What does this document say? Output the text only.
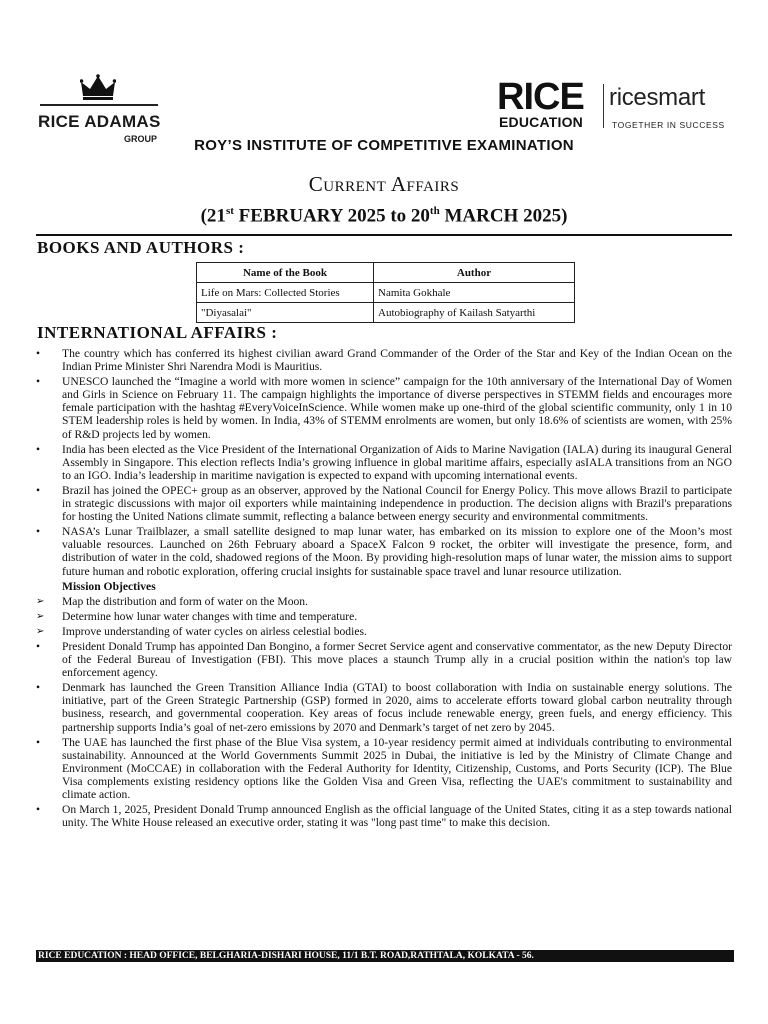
RICE ADAMAS
GROUP
RICE
EDUCATION
ricesmart
TOGETHER IN SUCCESS
ROY’S INSTITUTE OF COMPETITIVE EXAMINATION
Current Affairs
(21st FEBRUARY 2025 to 20th MARCH 2025)
BOOKS AND AUTHORS :
Name of the Book	Author
Life on Mars: Collected Stories	Namita Gokhale
"Diyasalai"	Autobiography of Kailash Satyarthi
INTERNATIONAL AFFAIRS :
• The country which has conferred its highest civilian award Grand Commander of the Order of the Star and Key of the Indian Ocean on the Indian Prime Minister Shri Narendra Modi is Mauritius.
• UNESCO launched the “Imagine a world with more women in science” campaign for the 10th anniversary of the International Day of Women and Girls in Science on February 11. The campaign highlights the importance of diverse perspectives in STEMM fields and encourages more female participation with the hashtag #EveryVoiceInScience. While women make up one-third of the global scientific community, only 1 in 10 STEM leadership roles is held by women. In India, 43% of STEMM enrolments are women, but only 18.6% of scientists are women, with 25% of R&D projects led by women.
• India has been elected as the Vice President of the International Organization of Aids to Marine Navigation (IALA) during its inaugural General Assembly in Singapore. This election reflects India’s growing influence in global maritime affairs, especially asIALA transitions from an NGO to an IGO. India’s leadership in maritime navigation is expected to expand with upcoming international events.
• Brazil has joined the OPEC+ group as an observer, approved by the National Council for Energy Policy. This move allows Brazil to participate in strategic discussions with major oil exporters while maintaining independence in production. The decision aligns with Brazil's preparations for hosting the United Nations climate summit, reflecting a balance between energy security and environmental commitments.
• NASA’s Lunar Trailblazer, a small satellite designed to map lunar water, has embarked on its mission to explore one of the Moon’s most valuable resources. Launched on 26th February aboard a SpaceX Falcon 9 rocket, the orbiter will investigate the presence, form, and distribution of water in the cold, shadowed regions of the Moon. By providing high-resolution maps of lunar water, the mission aims to support future human and robotic exploration, offering crucial insights for sustainable space travel and lunar resource utilization.
Mission Objectives
➢ Map the distribution and form of water on the Moon.
➢ Determine how lunar water changes with time and temperature.
➢ Improve understanding of water cycles on airless celestial bodies.
• President Donald Trump has appointed Dan Bongino, a former Secret Service agent and conservative commentator, as the new Deputy Director of the Federal Bureau of Investigation (FBI). This move places a staunch Trump ally in a crucial position within the nation's top law enforcement agency.
• Denmark has launched the Green Transition Alliance India (GTAI) to boost collaboration with India on sustainable energy solutions. The initiative, part of the Green Strategic Partnership (GSP) formed in 2020, aims to accelerate efforts toward global carbon neutrality through business, research, and governmental cooperation. Key areas of focus include renewable energy, green fuels, and energy efficiency. This partnership supports India’s goal of net-zero emissions by 2070 and Denmark’s target of net zero by 2045.
• The UAE has launched the first phase of the Blue Visa system, a 10-year residency permit aimed at individuals contributing to environmental sustainability. Announced at the World Governments Summit 2025 in Dubai, the initiative is led by the Ministry of Climate Change and Environment (MoCCAE) in collaboration with the Federal Authority for Identity, Citizenship, Customs, and Ports Security (ICP). The Blue Visa complements existing residency options like the Golden Visa and Green Visa, reflecting the UAE's commitment to sustainability and climate action.
• On March 1, 2025, President Donald Trump announced English as the official language of the United States, citing it as a step towards national unity. The White House released an executive order, stating it was "long past time" to make this decision.
RICE EDUCATION : HEAD OFFICE, BELGHARIA-DISHARI HOUSE, 11/1 B.T. ROAD,RATHTALA, KOLKATA - 56.
